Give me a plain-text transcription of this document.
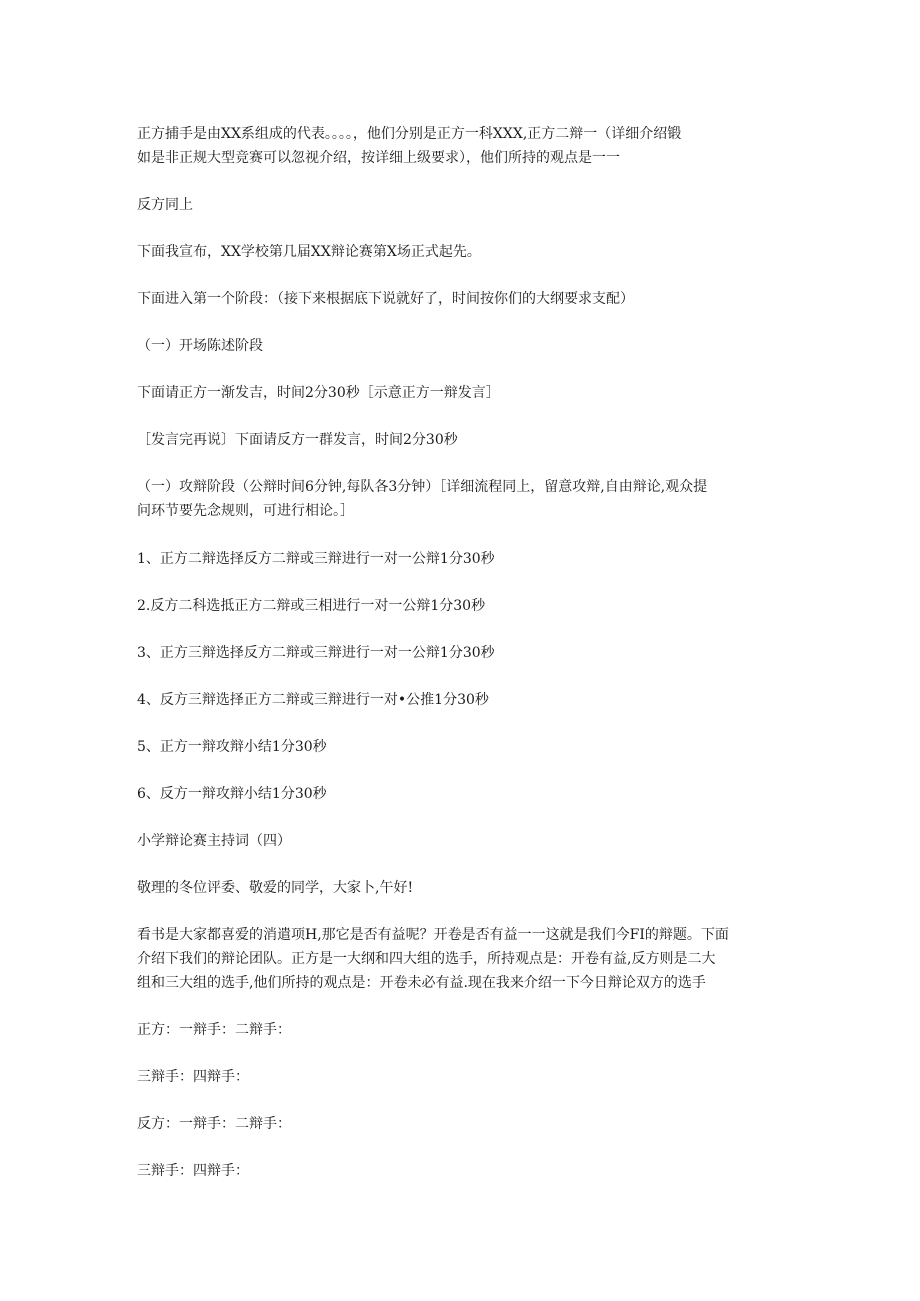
正方捕手是由XX系组成的代表。。。。，他们分别是正方一科XXX,正方二辩一（详细介绍锻
如是非正规大型竞赛可以忽视介绍，按详细上级要求），他们所持的观点是一一

反方同上

下面我宣布，XX学校第几届XX辩论赛第X场正式起先。

下面进入第一个阶段：（接下来根据底下说就好了，时间按你们的大纲要求支配）

（一）开场陈述阶段

下面请正方一渐发吉，时间2分30秒［示意正方一辩发言］

［发言完再说〕下面请反方一群发言，时间2分30秒

（一）攻辩阶段（公辩时间6分钟,每队各3分钟）［详细流程同上，留意攻辩,自由辩论,观众提
问环节要先念规则，可进行相论。］

1、正方二辩选择反方二辩或三辩进行一对一公辩1分30秒

2.反方二科选抵正方二辩或三相进行一对一公辩1分30秒

3、正方三辩选择反方二辩或三辩进行一对一公辩1分30秒

4、反方三辩选择正方二辩或三辩进行一对•公推1分30秒

5、正方一辩攻辩小结1分30秒

6、反方一辩攻辩小结1分30秒

小学辩论赛主持词（四）

敬理的冬位评委、敬爱的同学，大家卜,午好!

看书是大家都喜爱的消遣项H,那它是否有益呢？开卷是否有益一一这就是我们今FI的辩题。下面
介绍下我们的辩论团队。正方是一大纲和四大组的选手，所持观点是：开卷有益,反方则是二大
组和三大组的选手,他们所持的观点是：开卷未必有益.现在我来介绍一下今日辩论双方的选手

正方：一辩手：二辩手：

三辩手：四辩手：

反方：一辩手：二辩手：

三辩手：四辩手：
